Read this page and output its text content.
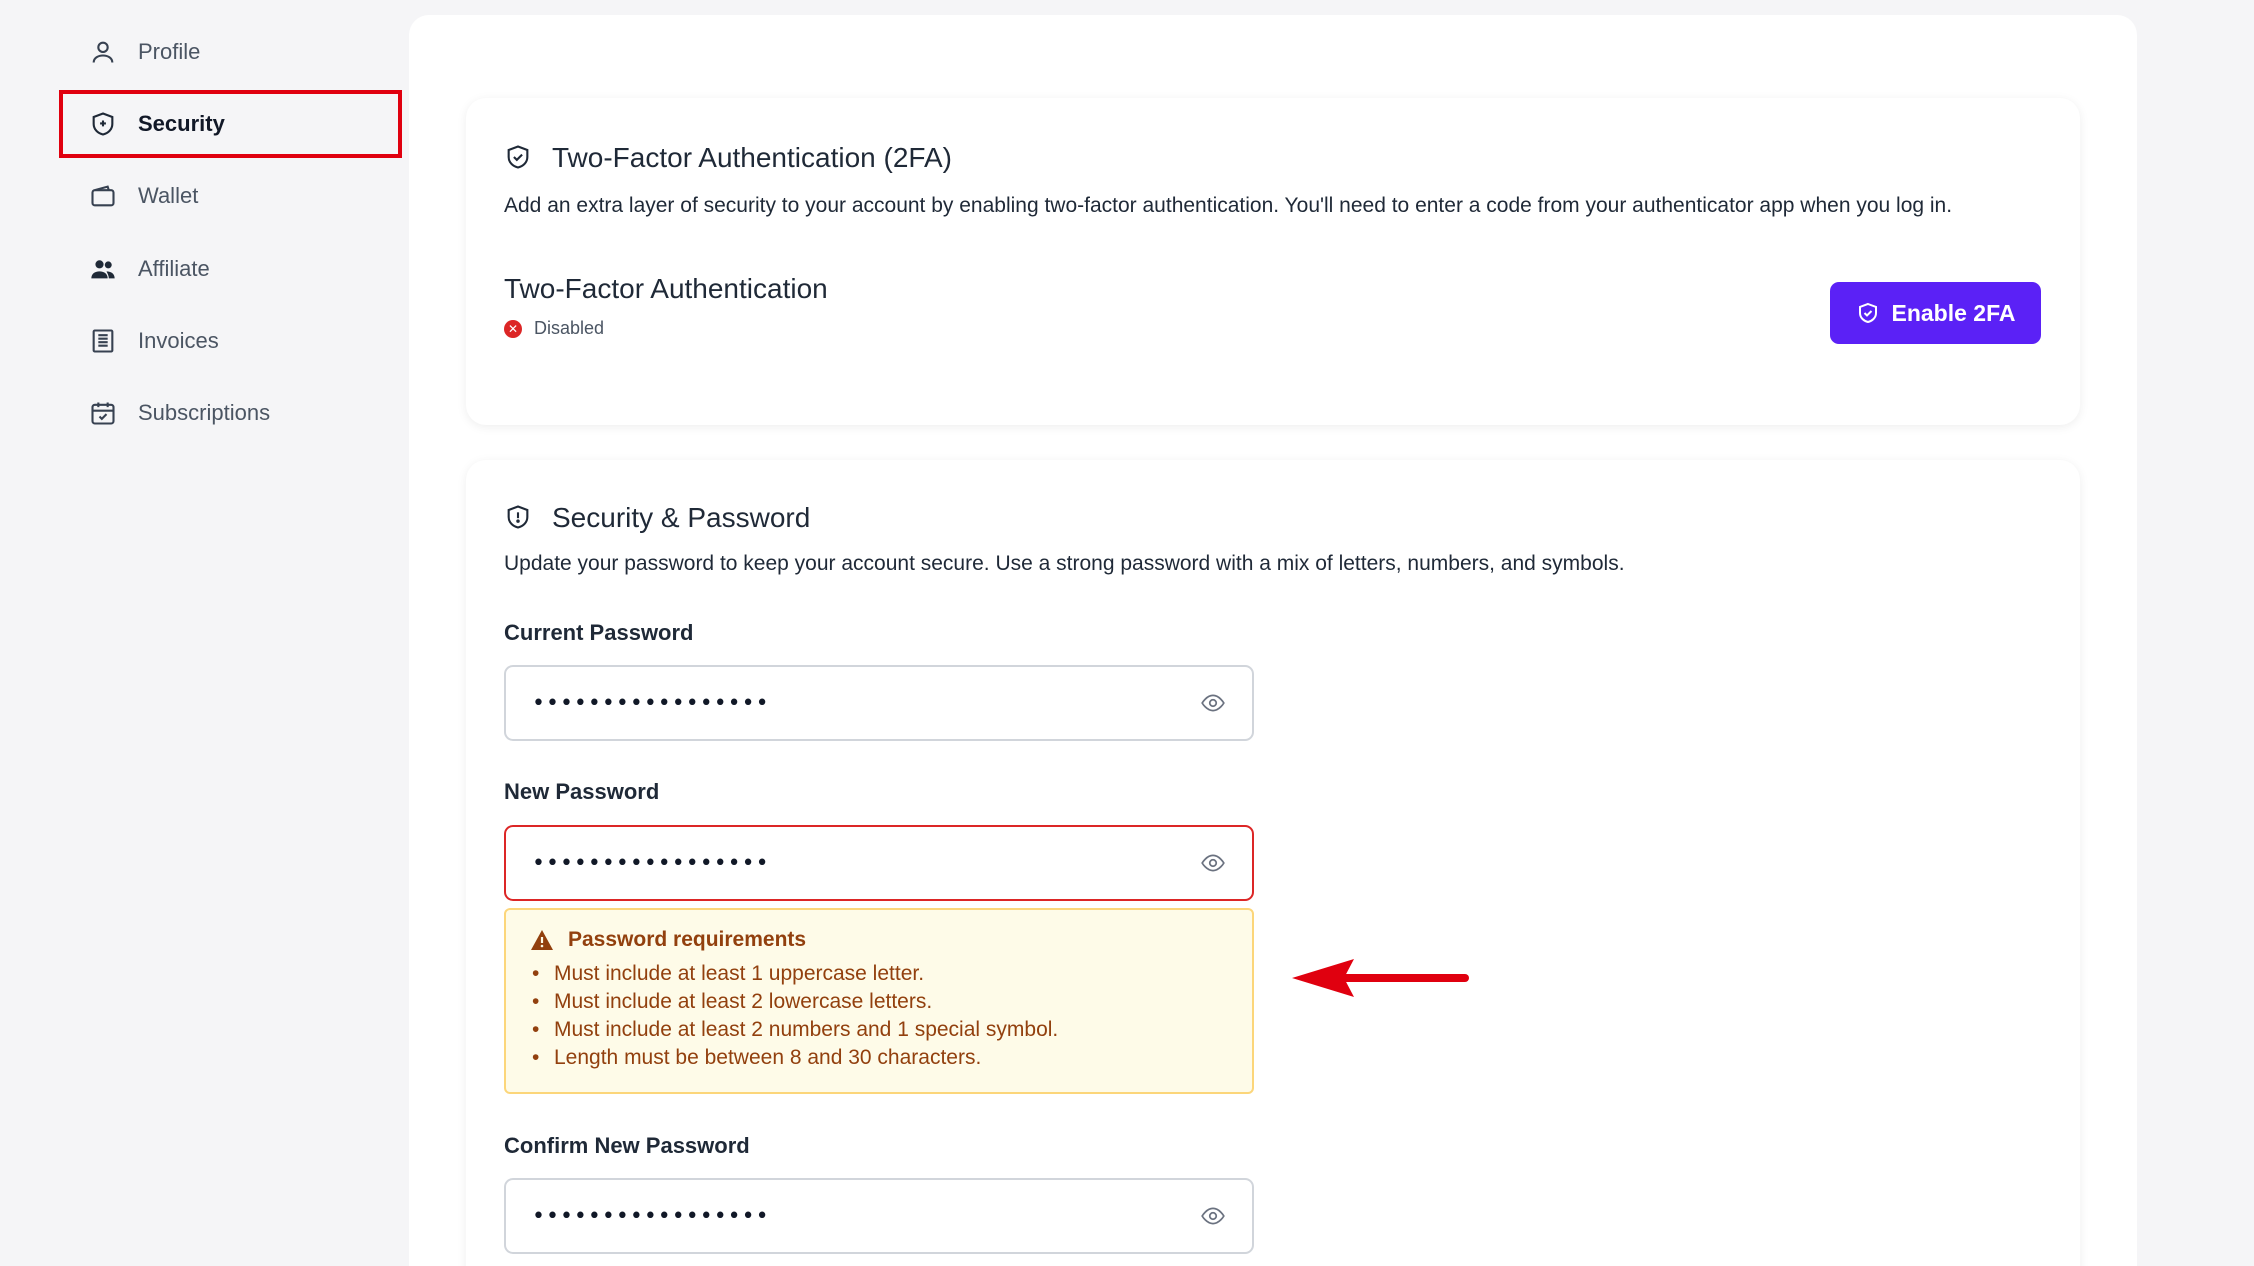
Profile
Security
Wallet
Affiliate
Invoices
Subscriptions
Two-Factor Authentication (2FA)
Add an extra layer of security to your account by enabling two-factor authentication. You'll need to enter a code from your authenticator app when you log in.
Two-Factor Authentication
✕ Disabled
Enable 2FA
Security & Password
Update your password to keep your account secure. Use a strong password with a mix of letters, numbers, and symbols.
Current Password
•••••••••••••••••
New Password
•••••••••••••••••
Password requirements
• Must include at least 1 uppercase letter.
• Must include at least 2 lowercase letters.
• Must include at least 2 numbers and 1 special symbol.
• Length must be between 8 and 30 characters.
Confirm New Password
•••••••••••••••••
